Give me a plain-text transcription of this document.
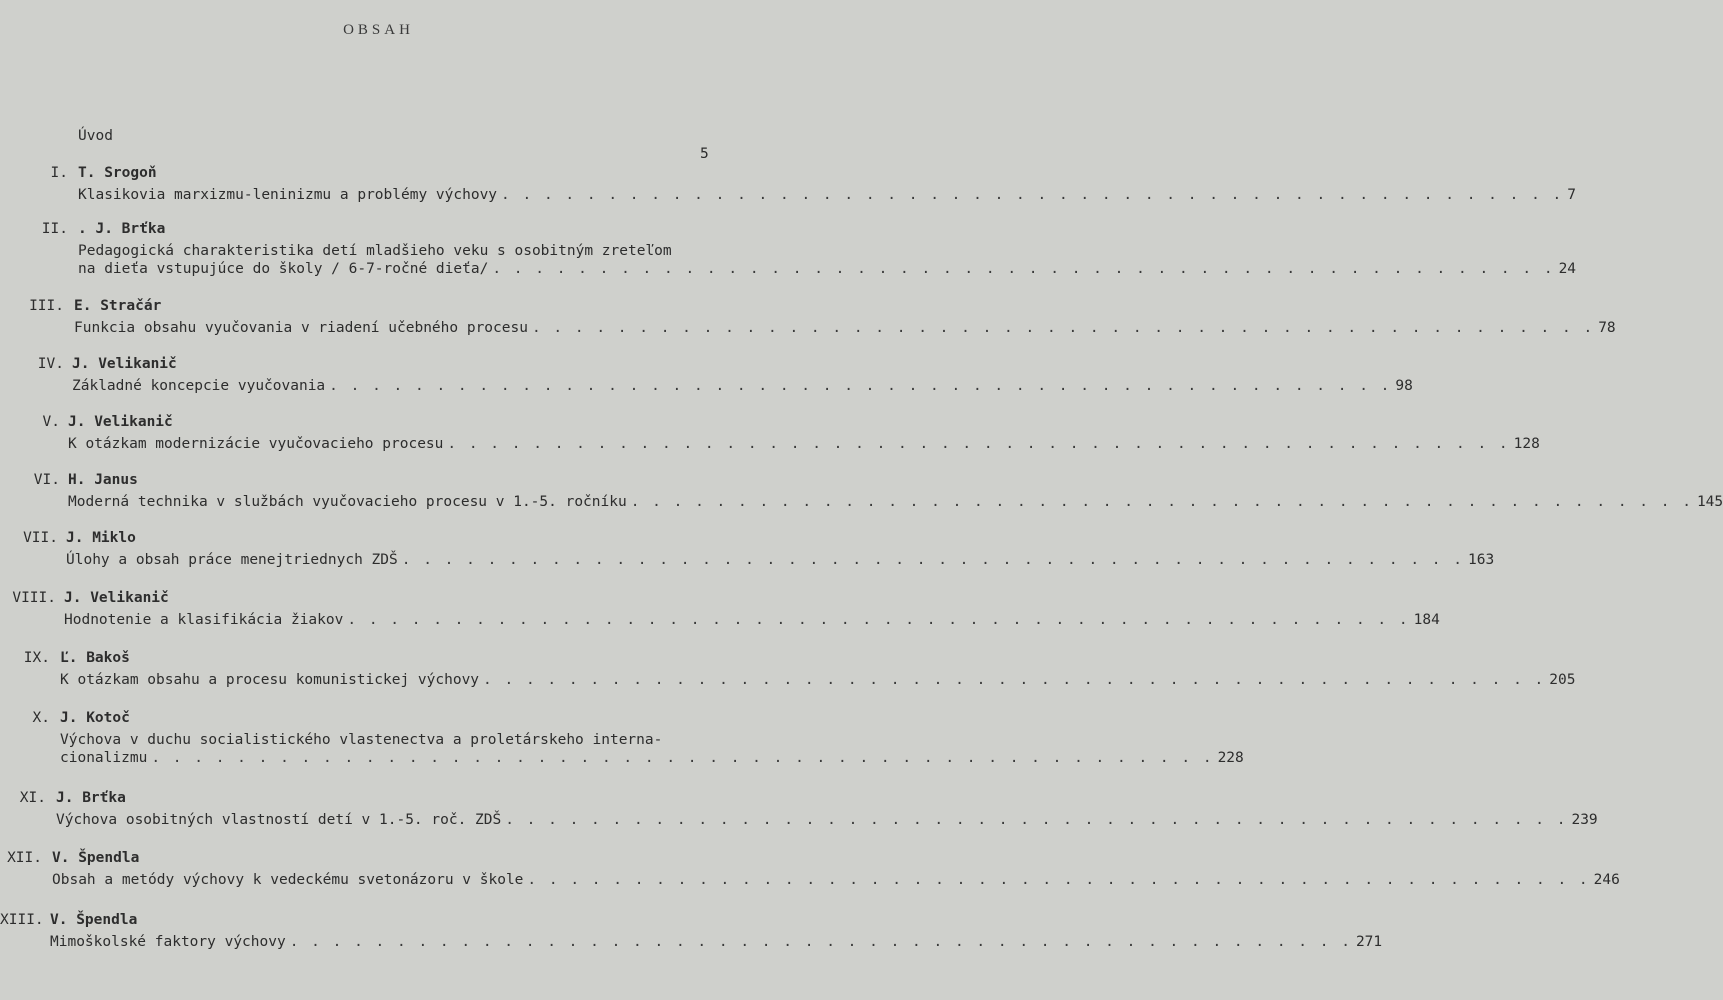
OBSAH
Úvod
5
I. T. Srogoň
Klasikovia marxizmu-leninizmu a problémy výchovy . . . . . . . . . . . . . . . . . . . . . . . . . . . . . . . . . . . . . . . . . . . . . . . . . . 7
II. . J. Brťka
Pedagogická charakteristika detí mladšieho veku s osobitným zreteľom
na dieťa vstupujúce do školy / 6-7-ročné dieťa/ . . . . . . . . . . . . . . . . . . . . . . . . . . . . . . . . . . . . . . . . . . . . . . . . . . 24
III. E. Stračár
Funkcia obsahu vyučovania v riadení učebného procesu . . . . . . . . . . . . . . . . . . . . . . . . . . . . . . . . . . . . . . . . . . . . . . . . . . 78
IV. J. Velikanič
Základné koncepcie vyučovania . . . . . . . . . . . . . . . . . . . . . . . . . . . . . . . . . . . . . . . . . . . . . . . . . . 98
V. J. Velikanič
K otázkam modernizácie vyučovacieho procesu . . . . . . . . . . . . . . . . . . . . . . . . . . . . . . . . . . . . . . . . . . . . . . . . . . 128
VI. H. Janus
Moderná technika v službách vyučovacieho procesu v 1.-5. ročníku . . . . . . . . . . . . . . . . . . . . . . . . . . . . . . . . . . . . . . . . . . . . . . . . . . 145
VII. J. Miklo
Úlohy a obsah práce menejtriednych ZDŠ . . . . . . . . . . . . . . . . . . . . . . . . . . . . . . . . . . . . . . . . . . . . . . . . . . 163
VIII. J. Velikanič
Hodnotenie a klasifikácia žiakov . . . . . . . . . . . . . . . . . . . . . . . . . . . . . . . . . . . . . . . . . . . . . . . . . . 184
IX. Ľ. Bakoš
K otázkam obsahu a procesu komunistickej výchovy . . . . . . . . . . . . . . . . . . . . . . . . . . . . . . . . . . . . . . . . . . . . . . . . . . 205
X. J. Kotoč
Výchova v duchu socialistického vlastenectva a proletárskeho interna-
cionalizmu . . . . . . . . . . . . . . . . . . . . . . . . . . . . . . . . . . . . . . . . . . . . . . . . . . 228
XI. J. Brťka
Výchova osobitných vlastností detí v 1.-5. roč. ZDŠ . . . . . . . . . . . . . . . . . . . . . . . . . . . . . . . . . . . . . . . . . . . . . . . . . . 239
XII. V. Špendla
Obsah a metódy výchovy k vedeckému svetonázoru v škole . . . . . . . . . . . . . . . . . . . . . . . . . . . . . . . . . . . . . . . . . . . . . . . . . . 246
XIII. V. Špendla
Mimoškolské faktory výchovy . . . . . . . . . . . . . . . . . . . . . . . . . . . . . . . . . . . . . . . . . . . . . . . . . . 271
